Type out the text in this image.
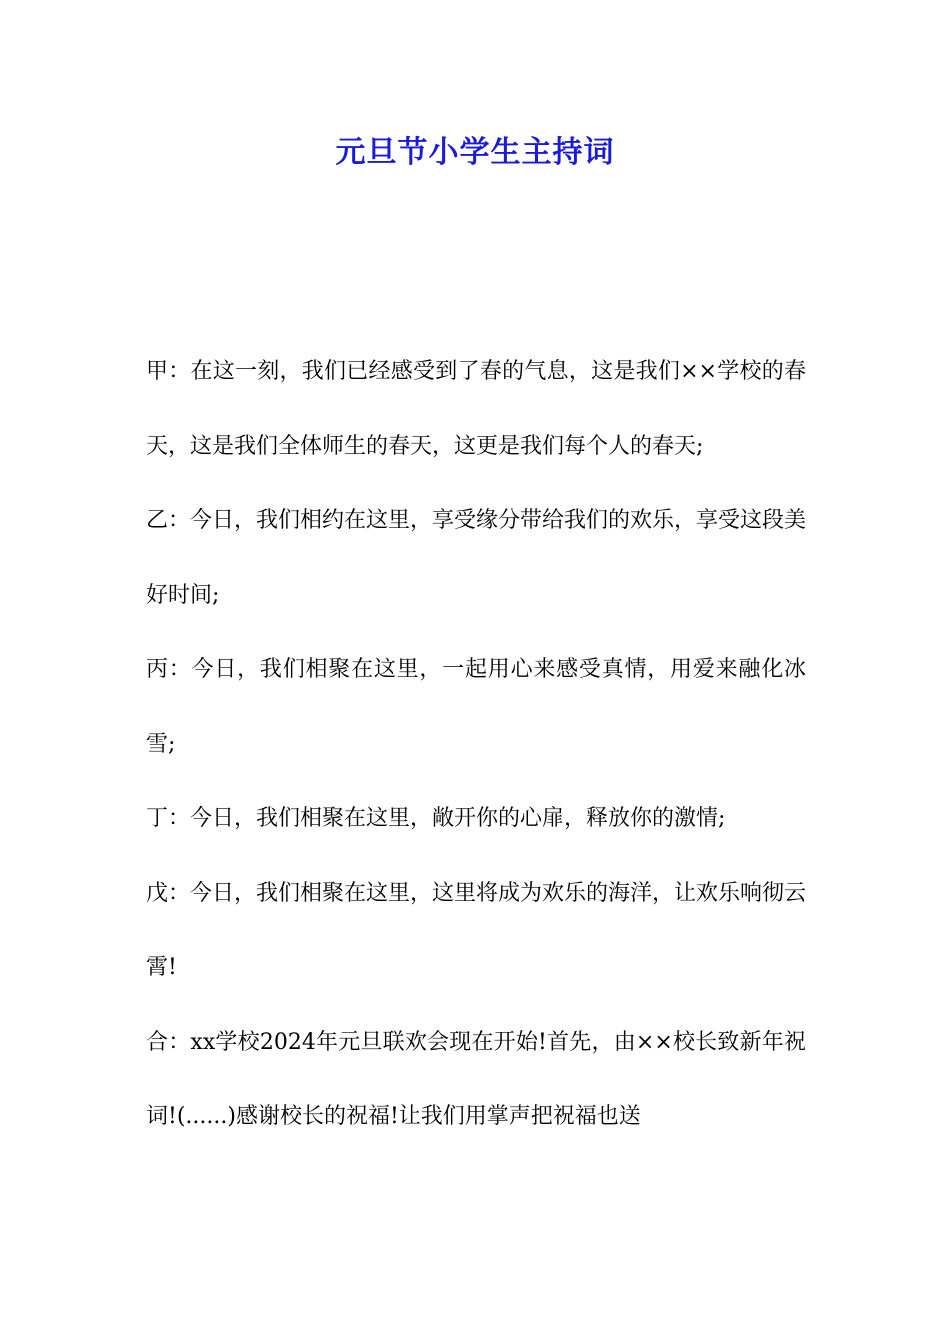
元旦节小学生主持词

甲：在这一刻，我们已经感受到了春的气息，这是我们××学校的春天，这是我们全体师生的春天，这更是我们每个人的春天;

乙：今日，我们相约在这里，享受缘分带给我们的欢乐，享受这段美好时间;

丙：今日，我们相聚在这里，一起用心来感受真情，用爱来融化冰雪;

丁：今日，我们相聚在这里，敞开你的心扉，释放你的激情;

戊：今日，我们相聚在这里，这里将成为欢乐的海洋，让欢乐响彻云霄!

合：xx学校2024年元旦联欢会现在开始!首先，由××校长致新年祝词!(......)感谢校长的祝福!让我们用掌声把祝福也送
